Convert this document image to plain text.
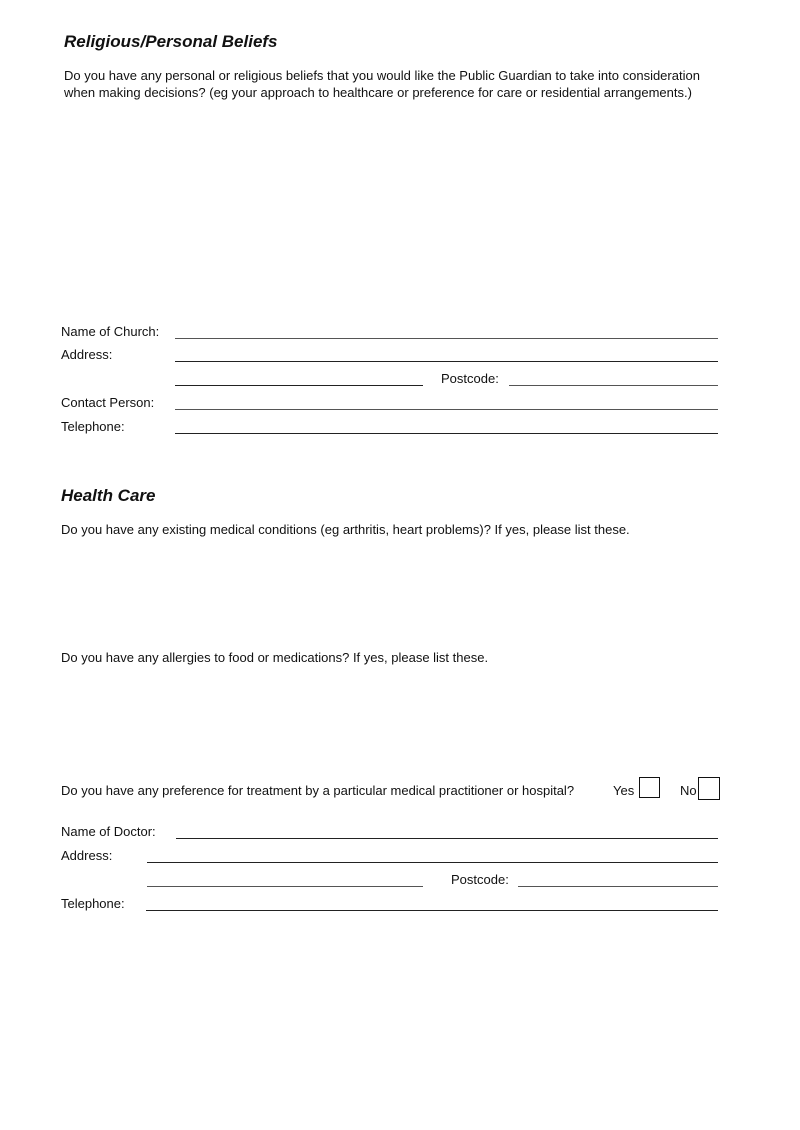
Religious/Personal Beliefs

Do you have any personal or religious beliefs that you would like the Public Guardian to take into consideration when making decisions? (eg your approach to healthcare or preference for care or residential arrangements.)

Name of Church:
Address:
Postcode:
Contact Person:
Telephone:
Health Care

Do you have any existing medical conditions (eg arthritis, heart problems)? If yes, please list these.

Do you have any allergies to food or medications? If yes, please list these.

Do you have any preference for treatment by a particular medical practitioner or hospital?	Yes	No
Name of Doctor:
Address:
Postcode:
Telephone:
